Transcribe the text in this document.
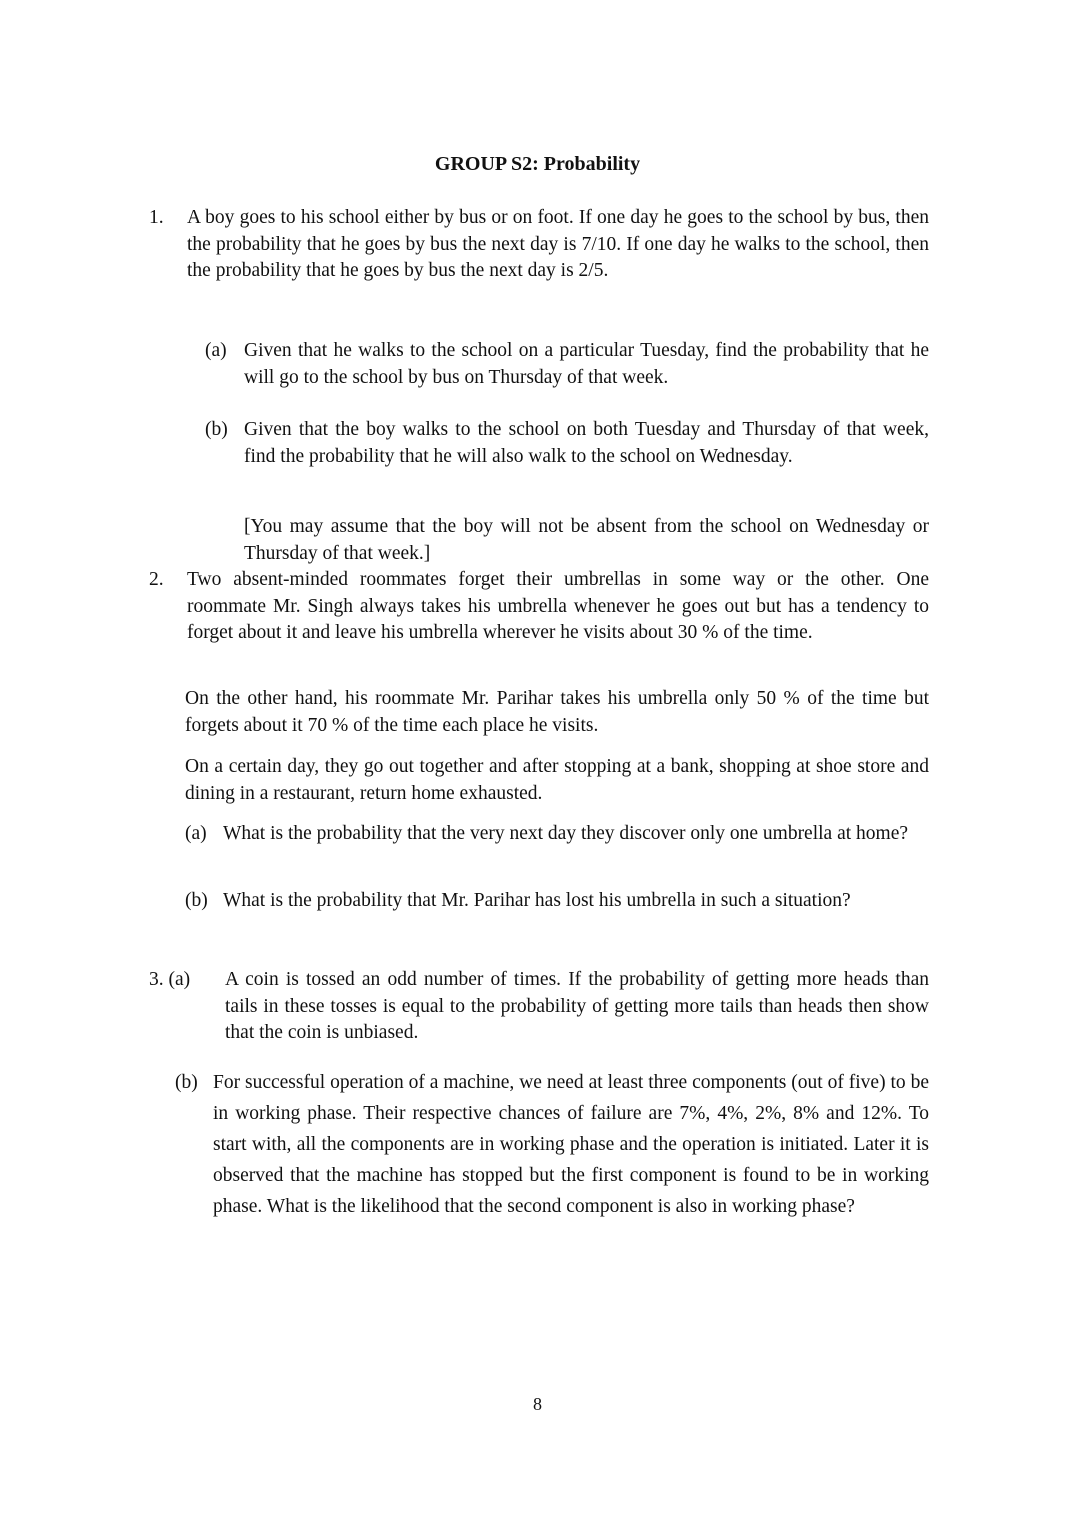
GROUP S2: Probability
1. A boy goes to his school either by bus or on foot. If one day he goes to the school by bus, then the probability that he goes by bus the next day is 7/10. If one day he walks to the school, then the probability that he goes by bus the next day is 2/5.

(a) Given that he walks to the school on a particular Tuesday, find the probability that he will go to the school by bus on Thursday of that week.

(b) Given that the boy walks to the school on both Tuesday and Thursday of that week, find the probability that he will also walk to the school on Wednesday.

[You may assume that the boy will not be absent from the school on Wednesday or Thursday of that week.]

2. Two absent-minded roommates forget their umbrellas in some way or the other. One roommate Mr. Singh always takes his umbrella whenever he goes out but has a tendency to forget about it and leave his umbrella wherever he visits about 30 % of the time.

On the other hand, his roommate Mr. Parihar takes his umbrella only 50 % of the time but forgets about it 70 % of the time each place he visits.

On a certain day, they go out together and after stopping at a bank, shopping at shoe store and dining in a restaurant, return home exhausted.

(a) What is the probability that the very next day they discover only one umbrella at home?

(b) What is the probability that Mr. Parihar has lost his umbrella in such a situation?

3. (a) A coin is tossed an odd number of times. If the probability of getting more heads than tails in these tosses is equal to the probability of getting more tails than heads then show that the coin is unbiased.

(b) For successful operation of a machine, we need at least three components (out of five) to be in working phase. Their respective chances of failure are 7%, 4%, 2%, 8% and 12%. To start with, all the components are in working phase and the operation is initiated. Later it is observed that the machine has stopped but the first component is found to be in working phase. What is the likelihood that the second component is also in working phase?

8
